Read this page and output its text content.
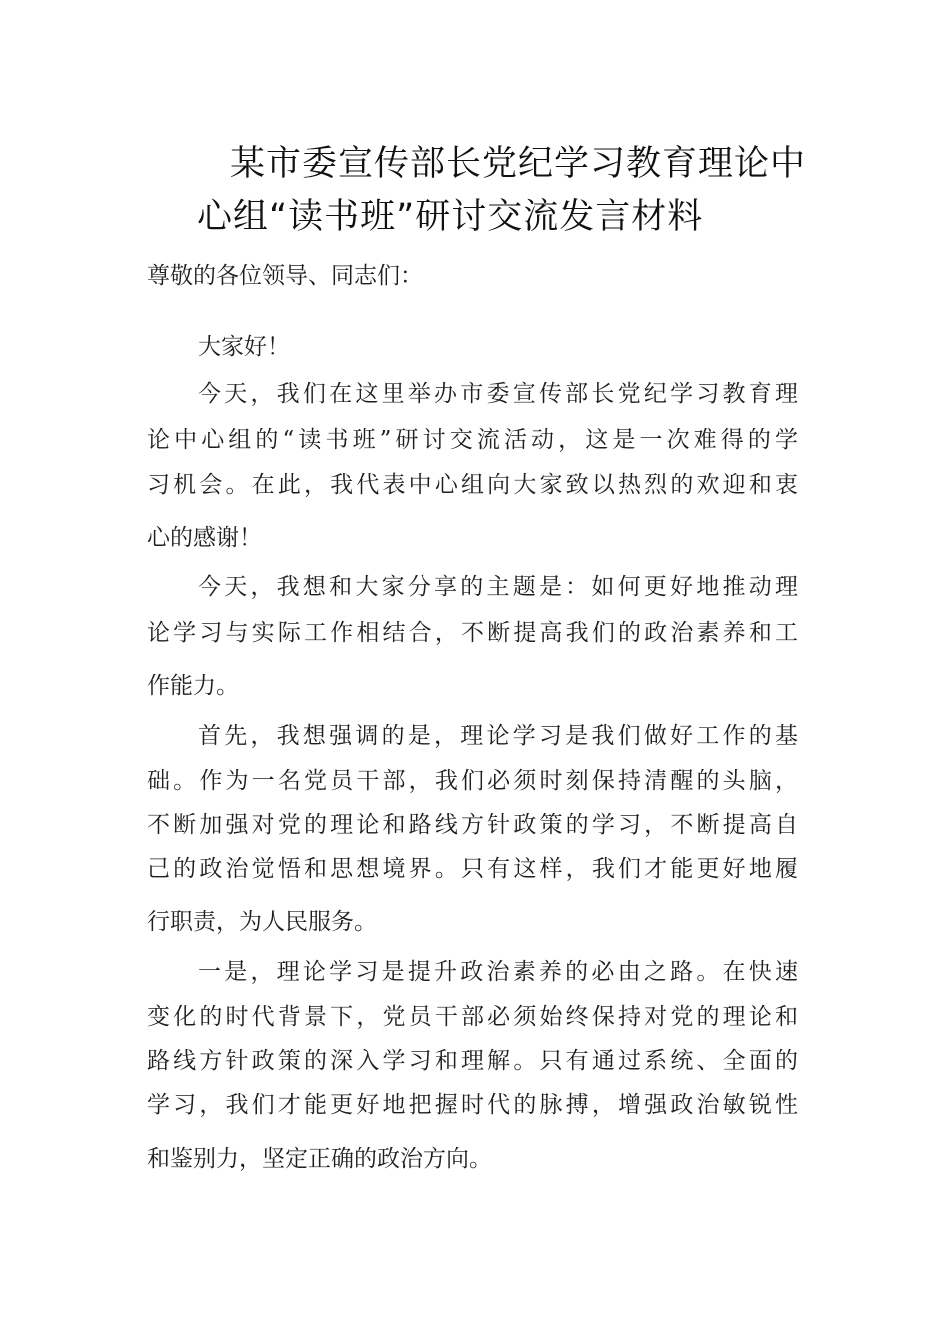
某市委宣传部长党纪学习教育理论中
心组“读书班”研讨交流发言材料
尊敬的各位领导、同志们：
大家好！
今天，我们在这里举办市委宣传部长党纪学习教育理
论中心组的“读书班”研讨交流活动，这是一次难得的学
习机会。在此，我代表中心组向大家致以热烈的欢迎和衷
心的感谢！
今天，我想和大家分享的主题是：如何更好地推动理
论学习与实际工作相结合，不断提高我们的政治素养和工
作能力。
首先，我想强调的是，理论学习是我们做好工作的基
础。作为一名党员干部，我们必须时刻保持清醒的头脑，
不断加强对党的理论和路线方针政策的学习，不断提高自
己的政治觉悟和思想境界。只有这样，我们才能更好地履
行职责，为人民服务。
一是，理论学习是提升政治素养的必由之路。在快速
变化的时代背景下，党员干部必须始终保持对党的理论和
路线方针政策的深入学习和理解。只有通过系统、全面的
学习，我们才能更好地把握时代的脉搏，增强政治敏锐性
和鉴别力，坚定正确的政治方向。
